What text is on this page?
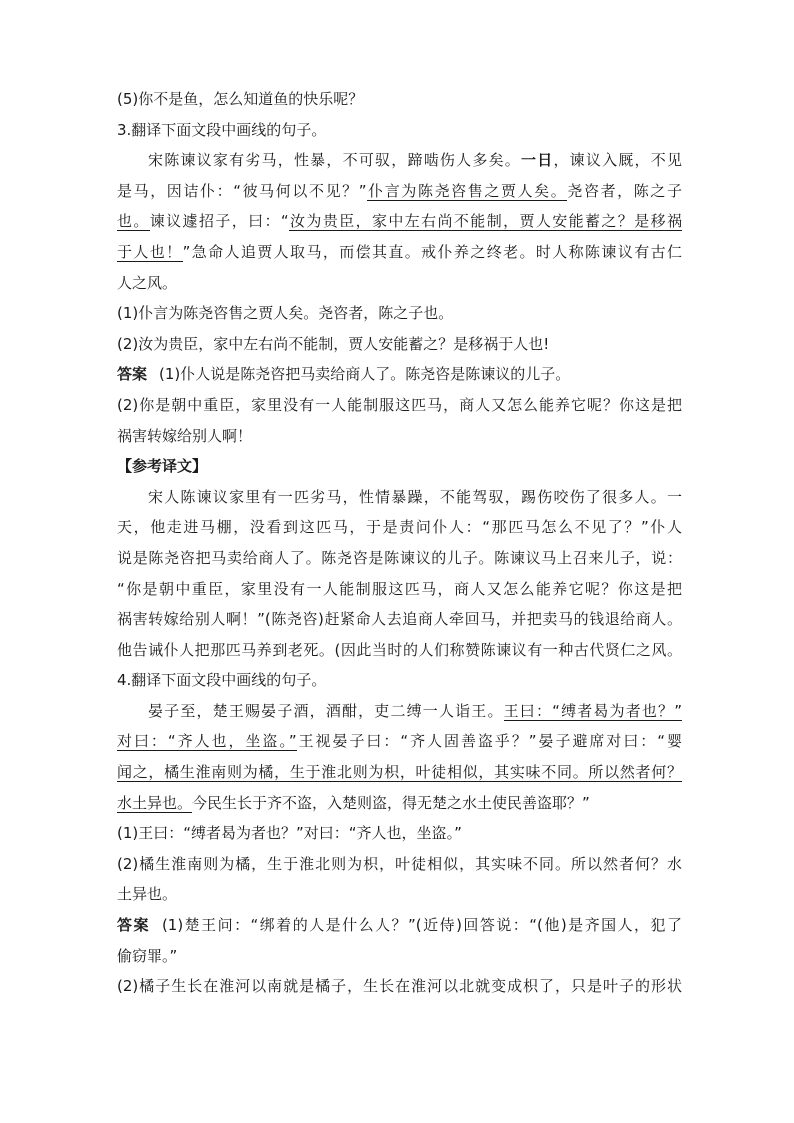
(5)你不是鱼，怎么知道鱼的快乐呢？
3.翻译下面文段中画线的句子。
宋陈谏议家有劣马，性暴，不可驭，蹄啮伤人多矣。一日，谏议入厩，不见
是马，因诘仆：“彼马何以不见？”仆言为陈尧咨售之贾人矣。尧咨者，陈之子
也。谏议遽招子，曰：“汝为贵臣，家中左右尚不能制，贾人安能蓄之？是移祸
于人也！”急命人追贾人取马，而偿其直。戒仆养之终老。时人称陈谏议有古仁
人之风。
(1)仆言为陈尧咨售之贾人矣。尧咨者，陈之子也。
(2)汝为贵臣，家中左右尚不能制，贾人安能蓄之？是移祸于人也!
答案 (1)仆人说是陈尧咨把马卖给商人了。陈尧咨是陈谏议的儿子。
(2)你是朝中重臣，家里没有一人能制服这匹马，商人又怎么能养它呢？你这是把
祸害转嫁给别人啊！
【参考译文】
宋人陈谏议家里有一匹劣马，性情暴躁，不能驾驭，踢伤咬伤了很多人。一
天，他走进马棚，没看到这匹马，于是责问仆人：“那匹马怎么不见了？”仆人
说是陈尧咨把马卖给商人了。陈尧咨是陈谏议的儿子。陈谏议马上召来儿子，说：
“你是朝中重臣，家里没有一人能制服这匹马，商人又怎么能养它呢？你这是把
祸害转嫁给别人啊！”(陈尧咨)赶紧命人去追商人牵回马，并把卖马的钱退给商人。
他告诫仆人把那匹马养到老死。(因此当时的人们称赞陈谏议有一种古代贤仁之风。
4.翻译下面文段中画线的句子。
晏子至，楚王赐晏子酒，酒酣，吏二缚一人诣王。王曰：“缚者曷为者也？”
对曰：“齐人也，坐盗。”王视晏子曰：“齐人固善盗乎？”晏子避席对曰：“婴
闻之，橘生淮南则为橘，生于淮北则为枳，叶徒相似，其实味不同。所以然者何？
水土异也。今民生长于齐不盗，入楚则盗，得无楚之水土使民善盗耶？”
(1)王曰：“缚者曷为者也？”对曰：“齐人也，坐盗。”
(2)橘生淮南则为橘，生于淮北则为枳，叶徒相似，其实味不同。所以然者何？水
土异也。
答案 (1)楚王问：“绑着的人是什么人？”(近侍)回答说：“(他)是齐国人，犯了
偷窃罪。”
(2)橘子生长在淮河以南就是橘子，生长在淮河以北就变成枳了，只是叶子的形状
